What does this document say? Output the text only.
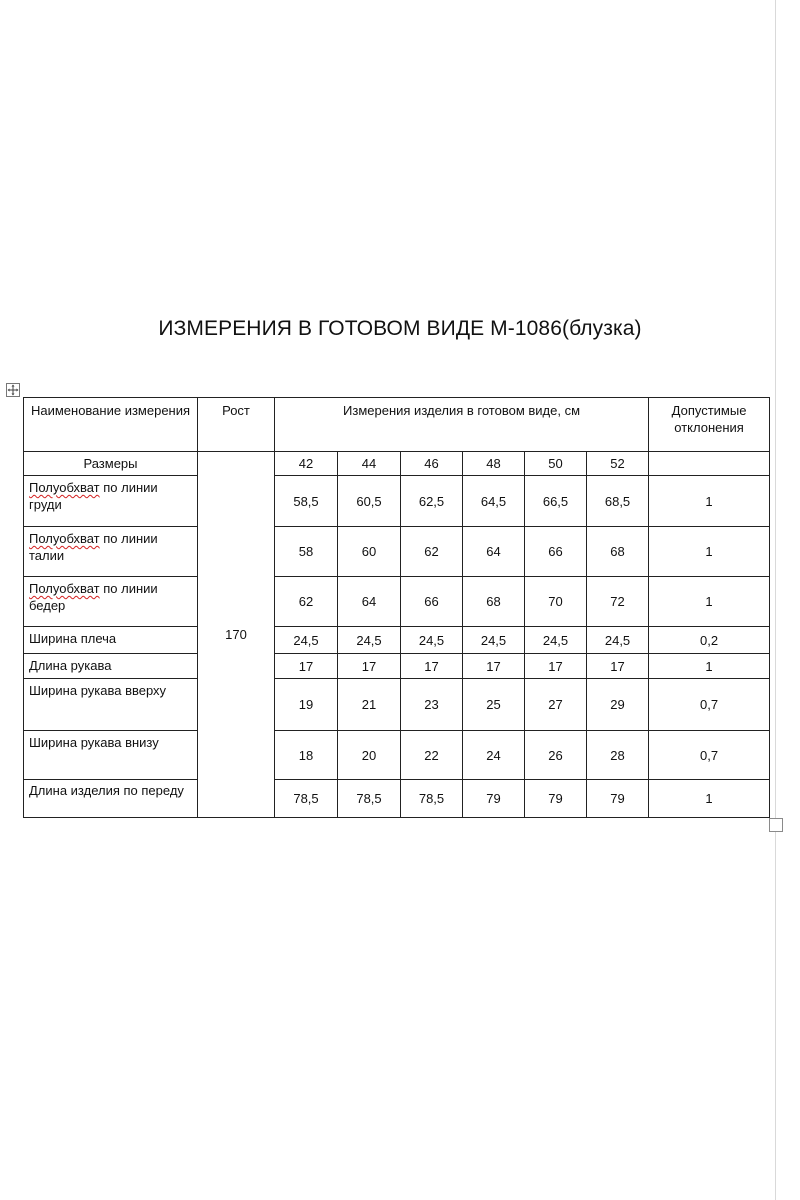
ИЗМЕРЕНИЯ В ГОТОВОМ ВИДЕ М-1086(блузка)
Наименование измерения	Рост	Измерения изделия в готовом виде, см						Допустимые отклонения
Размеры	170	42	44	46	48	50	52	
Полуобхват по линии груди		58,5	60,5	62,5	64,5	66,5	68,5	1
Полуобхват по линии талии		58	60	62	64	66	68	1
Полуобхват по линии бедер		62	64	66	68	70	72	1
Ширина плеча		24,5	24,5	24,5	24,5	24,5	24,5	0,2
Длина рукава		17	17	17	17	17	17	1
Ширина рукава вверху		19	21	23	25	27	29	0,7
Ширина рукава внизу		18	20	22	24	26	28	0,7
Длина изделия по переду		78,5	78,5	78,5	79	79	79	1
